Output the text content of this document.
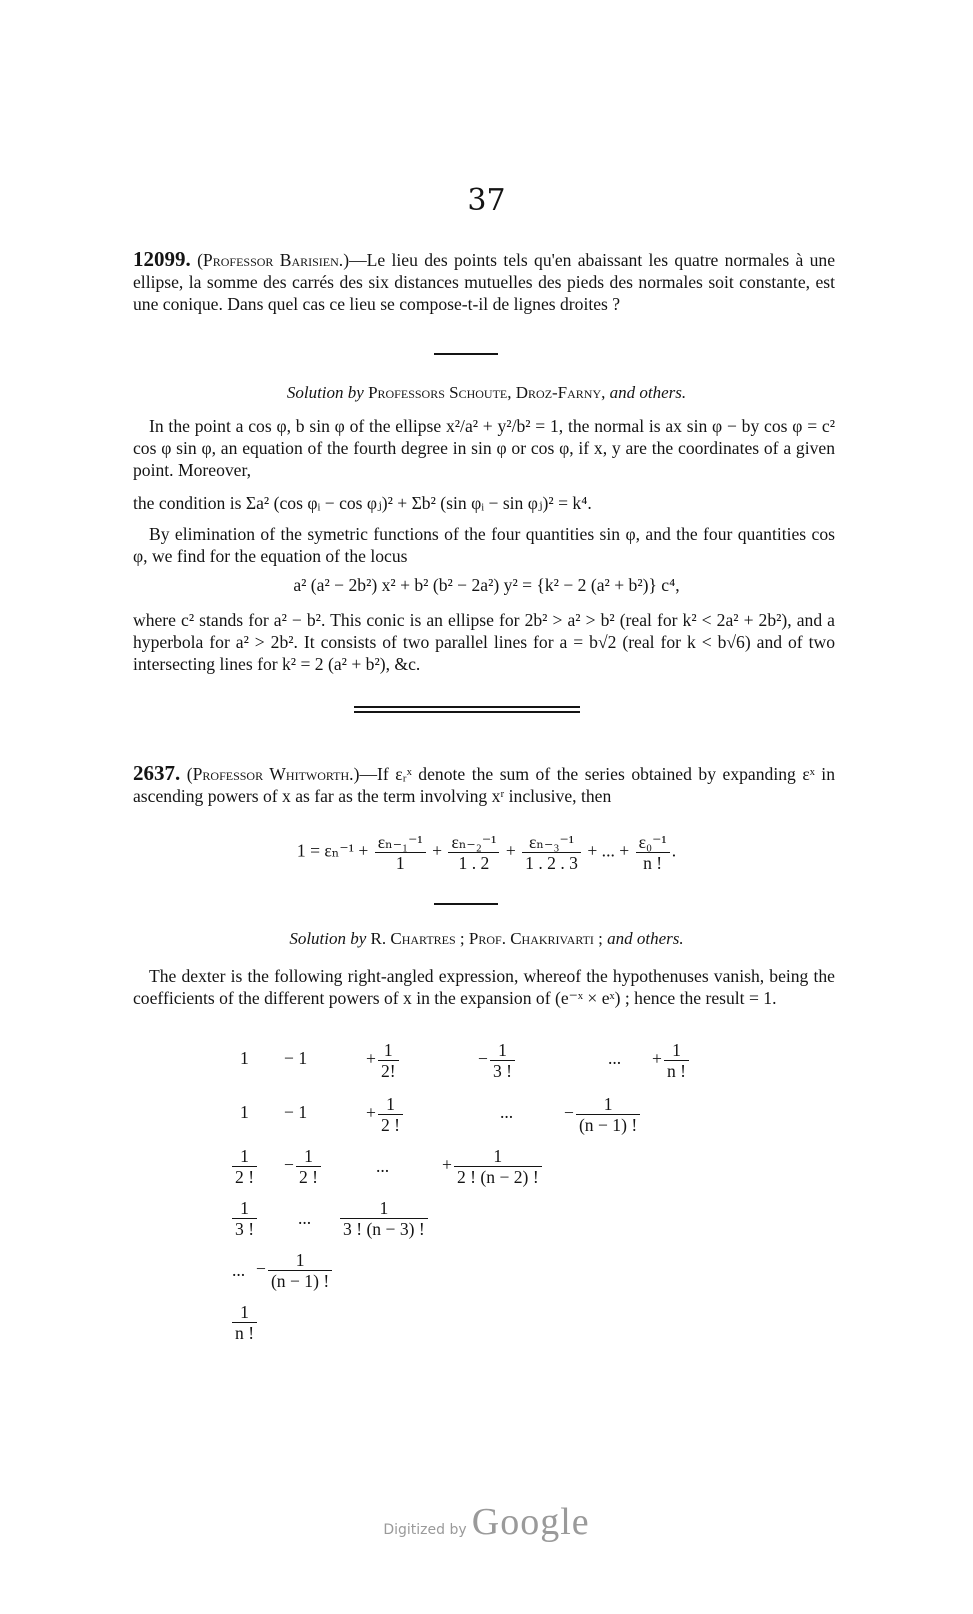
37
12099. (Professor Barisien.)—Le lieu des points tels qu'en abaissant les quatre normales à une ellipse, la somme des carrés des six distances mutuelles des pieds des normales soit constante, est une conique. Dans quel cas ce lieu se compose-t-il de lignes droites ?
Solution by Professors Schoute, Droz-Farny, and others.
In the point a cos φ, b sin φ of the ellipse x²/a² + y²/b² = 1, the normal is ax sin φ − by cos φ = c² cos φ sin φ, an equation of the fourth degree in sin φ or cos φ, if x, y are the coordinates of a given point. Moreover,
the condition is Σa² (cos φᵢ − cos φⱼ)² + Σb² (sin φᵢ − sin φⱼ)² = k⁴.
By elimination of the symetric functions of the four quantities sin φ, and the four quantities cos φ, we find for the equation of the locus
a² (a² − 2b²) x² + b² (b² − 2a²) y² = {k² − 2 (a² + b²)} c⁴,
where c² stands for a² − b². This conic is an ellipse for 2b² > a² > b² (real for k² < 2a² + 2b²), and a hyperbola for a² > 2b². It consists of two parallel lines for a = b√2 (real for k < b√6) and of two intersecting lines for k² = 2 (a² + b²), &c.
2637. (Professor Whitworth.)—If εᵣˣ denote the sum of the series obtained by expanding εˣ in ascending powers of x as far as the term involving xʳ inclusive, then
$1 = \varepsilon_n^{-1} + \frac{\text{εₙ₋₁⁻¹}}{1} + \frac{\text{εₙ₋₂⁻¹}}{1 . 2} + \frac{\text{εₙ₋₃⁻¹}}{1 . 2 . 3}$ + ... + $\frac{\text{ε₀⁻¹}}{n !}$ .
Solution by R. Chartres ; Prof. Chakrivarti ; and others.
The dexter is the following right-angled expression, whereof the hypothenuses vanish, being the coefficients of the different powers of x in the expansion of (e⁻ˣ × eˣ) ; hence the result = 1.
1 − 1	+ $\frac{1}{2!}$	− $\frac{1}{3 !}$	... + $\frac{1}{n !}$
1 − 1	+ $\frac{1}{2 !}$	...	− $\frac{1}{(n - 1) !}$
$\frac{1}{2 !} - \frac{1}{2 !}$	...	+ $\frac{1}{2 ! (n - 2) !}$
$\frac{1}{3 !}$ ... $\frac{1}{3 ! (n - 3) !}$
... − $\frac{1}{(n - 1) !}$
$\frac{1}{n !}$
Digitized by Google
